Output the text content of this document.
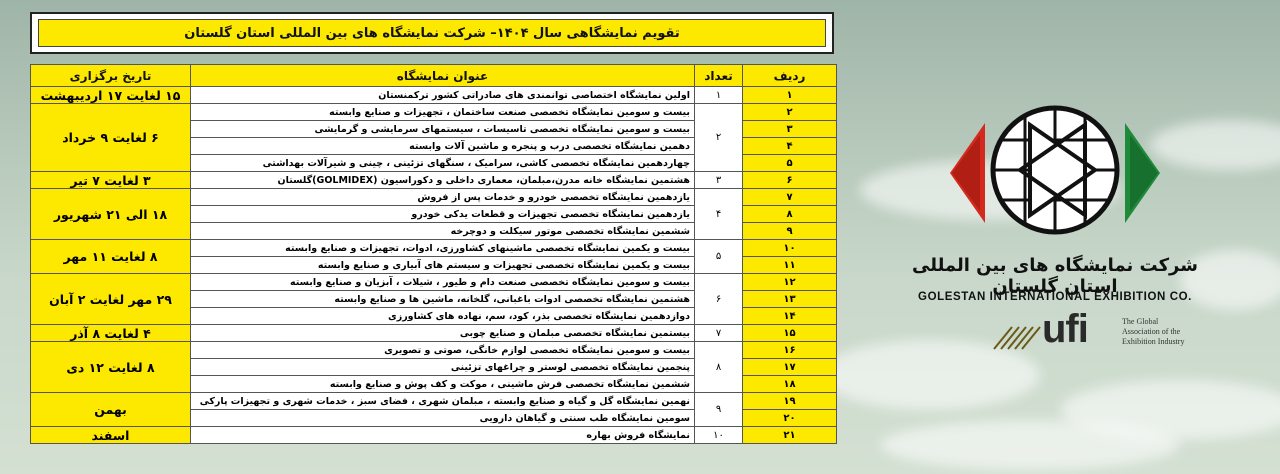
تقویم نمایشگاهی سال ۱۴۰۴– شرکت نمایشگاه های بین المللی استان گلستان
ردیف	تعداد	عنوان نمایشگاه	تاریخ برگزاری
۱	۱	اولین نمایشگاه اختصاصی توانمندی های صادراتی کشور ترکمنستان	۱۵ لغایت ۱۷ اردیبهشت
۲	۲	بیست و سومین نمایشگاه تخصصی صنعت ساختمان ، تجهیزات و صنایع وابسته	۶ لغایت ۹ خرداد
۳		بیست و سومین نمایشگاه تخصصی تاسیسات ، سیستمهای سرمایشی و گرمایشی	
۴		دهمین نمایشگاه تخصصی درب و پنجره و ماشین آلات وابسته	
۵		چهاردهمین نمایشگاه تخصصی کاشی، سرامیک ، سنگهای تزئینی ، چینی و شیرآلات بهداشتی	
۶	۳	هشتمین نمایشگاه خانه مدرن،مبلمان، معماری داخلی و دکوراسیون (GOLMIDEX)گلستان	۳ لغایت ۷ تیر
۷	۴	یازدهمین نمایشگاه تخصصی خودرو و خدمات پس از فروش	۱۸ الی ۲۱ شهریور
۸		یازدهمین نمایشگاه تخصصی تجهیزات و قطعات یدکی خودرو	
۹		ششمین نمایشگاه تخصصی موتور سیکلت و دوچرخه	
۱۰	۵	بیست و یکمین نمایشگاه تخصصی ماشینهای کشاورزی، ادوات، تجهیزات و صنایع وابسته	۸ لغایت ۱۱ مهر
۱۱		بیست و یکمین نمایشگاه تخصصی تجهیزات و سیستم های آبیاری و صنایع وابسته	
۱۲	۶	بیست و سومین نمایشگاه تخصصی صنعت دام و طیور ، شیلات ، آبزیان و صنایع وابسته	۲۹ مهر لغایت ۲ آبان
۱۳		هشتمین نمایشگاه تخصصی ادوات باغبانی، گلخانه، ماشین ها و صنایع وابسته	
۱۴		دوازدهمین نمایشگاه تخصصی بذر، کود، سم، نهاده های کشاورزی	
۱۵	۷	بیستمین نمایشگاه تخصصی مبلمان و صنایع چوبی	۴ لغایت ۸ آذر
۱۶	۸	بیست و سومین نمایشگاه تخصصی لوازم خانگی، صوتی و تصویری	۸ لغایت ۱۲ دی
۱۷		پنجمین نمایشگاه تخصصی لوستر و چراغهای تزئینی	
۱۸		ششمین نمایشگاه تخصصی فرش ماشینی ، موکت و کف پوش و صنایع وابسته	
۱۹	۹	نهمین نمایشگاه گل و گیاه و صنایع وابسته ، مبلمان شهری ، فضای سبز ، خدمات شهری و تجهیزات پارکی	بهمن
۲۰		سومین نمایشگاه طب سنتی و گیاهان دارویی	
۲۱	۱۰	نمایشگاه فروش بهاره	اسفند
شرکت نمایشگاه های بین المللی استان گلستان
GOLESTAN INTERNATIONAL EXHIBITION CO.
ufi	The Global
Association of the
Exhibition Industry
